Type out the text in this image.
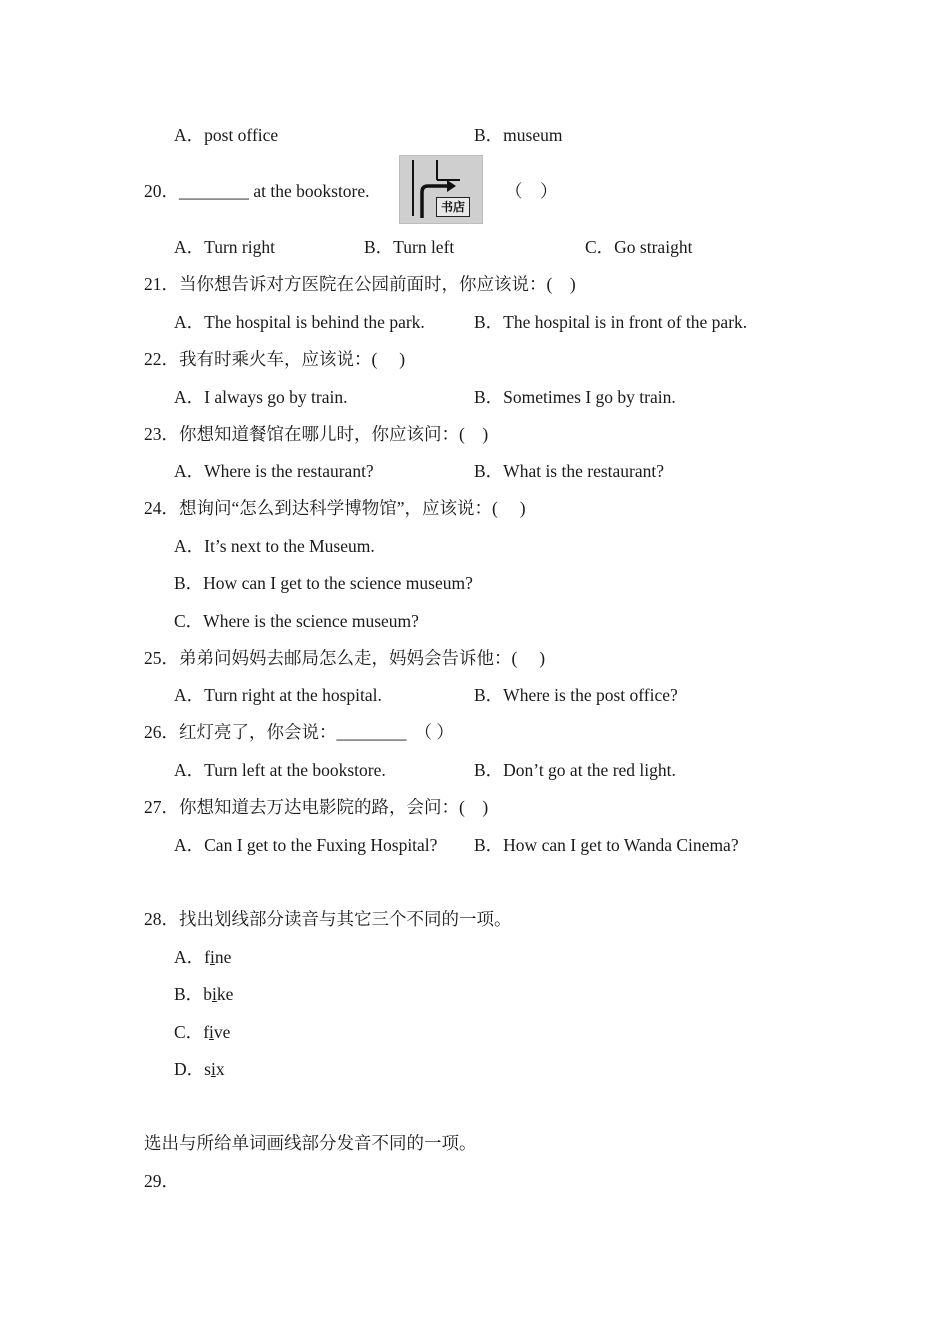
A．post office	B．museum
20．________ at the bookstore.
书店
（　）
A．Turn right	B．Turn left	C．Go straight
21．当你想告诉对方医院在公园前面时，你应该说：(　)
A．The hospital is behind the park.	B．The hospital is in front of the park.
22．我有时乘火车，应该说：(　 )
A．I always go by train.	B．Sometimes I go by train.
23．你想知道餐馆在哪儿时，你应该问：(　)
A．Where is the restaurant?	B．What is the restaurant?
24．想询问“怎么到达科学博物馆”，应该说：(　 )
A．It’s next to the Museum.
B．How can I get to the science museum?
C．Where is the science museum?
25．弟弟问妈妈去邮局怎么走，妈妈会告诉他：(　 )
A．Turn right at the hospital.	B．Where is the post office?
26．红灯亮了，你会说：________ （ ）
A．Turn left at the bookstore.	B．Don’t go at the red light.
27．你想知道去万达电影院的路，会问：(　)
A．Can I get to the Fuxing Hospital? B．How can I get to Wanda Cinema?
28．找出划线部分读音与其它三个不同的一项。
A．fine
B．bike
C．five
D．six
选出与所给单词画线部分发音不同的一项。
29．
